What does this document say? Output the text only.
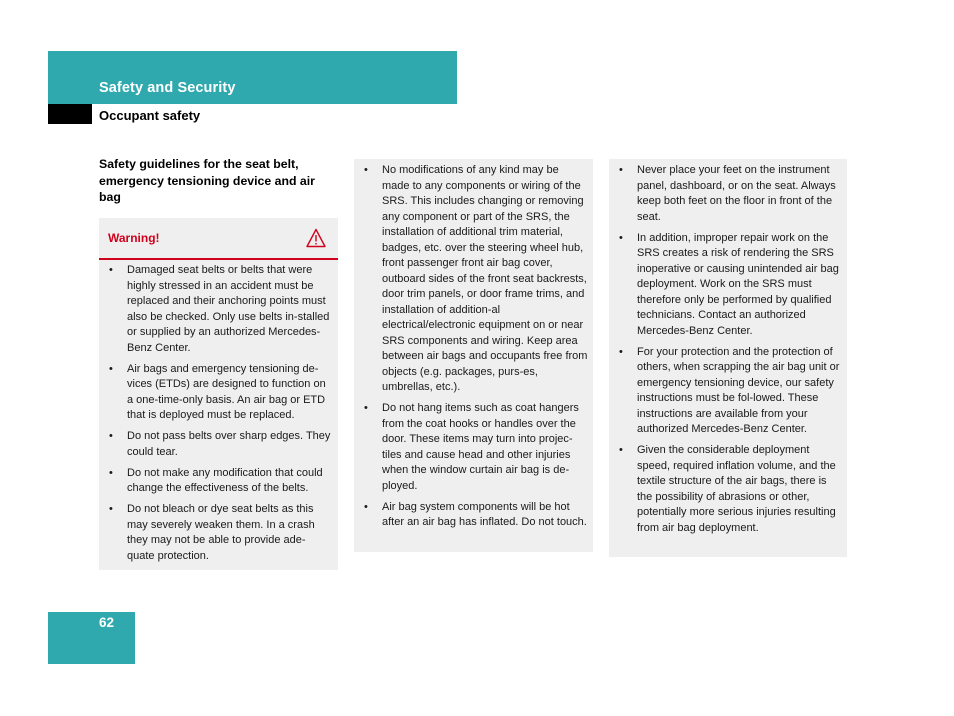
Safety and Security
Occupant safety
Safety guidelines for the seat belt, emergency tensioning device and air bag
Warning!
• Damaged seat belts or belts that were highly stressed in an accident must be replaced and their anchoring points must also be checked. Only use belts in-stalled or supplied by an authorized Mercedes-Benz Center.
• Air bags and emergency tensioning de-vices (ETDs) are designed to function on a one-time-only basis. An air bag or ETD that is deployed must be replaced.
• Do not pass belts over sharp edges. They could tear.
• Do not make any modification that could change the effectiveness of the belts.
• Do not bleach or dye seat belts as this may severely weaken them. In a crash they may not be able to provide ade-quate protection.
• No modifications of any kind may be made to any components or wiring of the SRS. This includes changing or removing any component or part of the SRS, the installation of additional trim material, badges, etc. over the steering wheel hub, front passenger front air bag cover, outboard sides of the front seat backrests, door trim panels, or door frame trims, and installation of addition-al electrical/electronic equipment on or near SRS components and wiring. Keep area between air bags and occupants free from objects (e.g. packages, purs-es, umbrellas, etc.).
• Do not hang items such as coat hangers from the coat hooks or handles over the door. These items may turn into projec-tiles and cause head and other injuries when the window curtain air bag is de-ployed.
• Air bag system components will be hot after an air bag has inflated. Do not touch.
• Never place your feet on the instrument panel, dashboard, or on the seat. Always keep both feet on the floor in front of the seat.
• In addition, improper repair work on the SRS creates a risk of rendering the SRS inoperative or causing unintended air bag deployment. Work on the SRS must therefore only be performed by qualified technicians. Contact an authorized Mercedes-Benz Center.
• For your protection and the protection of others, when scrapping the air bag unit or emergency tensioning device, our safety instructions must be fol-lowed. These instructions are available from your authorized Mercedes-Benz Center.
• Given the considerable deployment speed, required inflation volume, and the textile structure of the air bags, there is the possibility of abrasions or other, potentially more serious injuries resulting from air bag deployment.
62
